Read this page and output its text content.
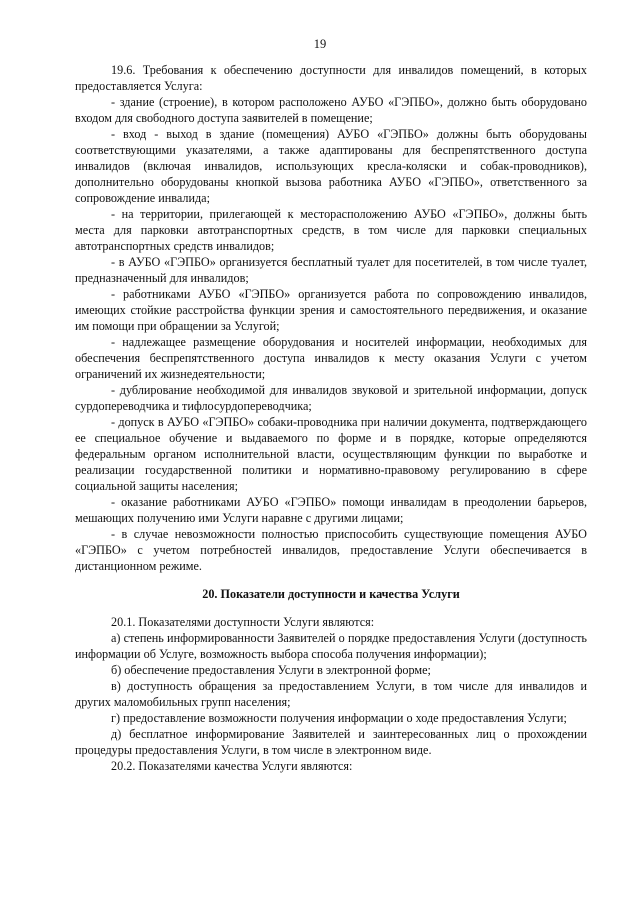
19

19.6. Требования к обеспечению доступности для инвалидов помещений, в которых предоставляется Услуга:

- здание (строение), в котором расположено АУБО «ГЭПБО», должно быть оборудовано входом для свободного доступа заявителей в помещение;

- вход - выход в здание (помещения) АУБО «ГЭПБО» должны быть оборудованы соответствующими указателями, а также адаптированы для беспрепятственного доступа инвалидов (включая инвалидов, использующих кресла-коляски и собак-проводников), дополнительно оборудованы кнопкой вызова работника АУБО «ГЭПБО», ответственного за сопровождение инвалида;

- на территории, прилегающей к месторасположению АУБО «ГЭПБО», должны быть места для парковки автотранспортных средств, в том числе для парковки специальных автотранспортных средств инвалидов;

- в АУБО «ГЭПБО» организуется бесплатный туалет для посетителей, в том числе туалет, предназначенный для инвалидов;

- работниками АУБО «ГЭПБО» организуется работа по сопровождению инвалидов, имеющих стойкие расстройства функции зрения и самостоятельного передвижения, и оказание им помощи при обращении за Услугой;

- надлежащее размещение оборудования и носителей информации, необходимых для обеспечения беспрепятственного доступа инвалидов к месту оказания Услуги с учетом ограничений их жизнедеятельности;

- дублирование необходимой для инвалидов звуковой и зрительной информации, допуск сурдопереводчика и тифлосурдопереводчика;

- допуск в АУБО «ГЭПБО» собаки-проводника при наличии документа, подтверждающего ее специальное обучение и выдаваемого по форме и в порядке, которые определяются федеральным органом исполнительной власти, осуществляющим функции по выработке и реализации государственной политики и нормативно-правовому регулированию в сфере социальной защиты населения;

- оказание работниками АУБО «ГЭПБО» помощи инвалидам в преодолении барьеров, мешающих получению ими Услуги наравне с другими лицами;

- в случае невозможности полностью приспособить существующие помещения АУБО «ГЭПБО» с учетом потребностей инвалидов, предоставление Услуги обеспечивается в дистанционном режиме.

20. Показатели доступности и качества Услуги

20.1. Показателями доступности Услуги являются:

а) степень информированности Заявителей о порядке предоставления Услуги (доступность информации об Услуге, возможность выбора способа получения информации);

б) обеспечение предоставления Услуги в электронной форме;

в) доступность обращения за предоставлением Услуги, в том числе для инвалидов и других маломобильных групп населения;

г) предоставление возможности получения информации о ходе предоставления Услуги;

д) бесплатное информирование Заявителей и заинтересованных лиц о прохождении процедуры предоставления Услуги, в том числе в электронном виде.

20.2. Показателями качества Услуги являются:
